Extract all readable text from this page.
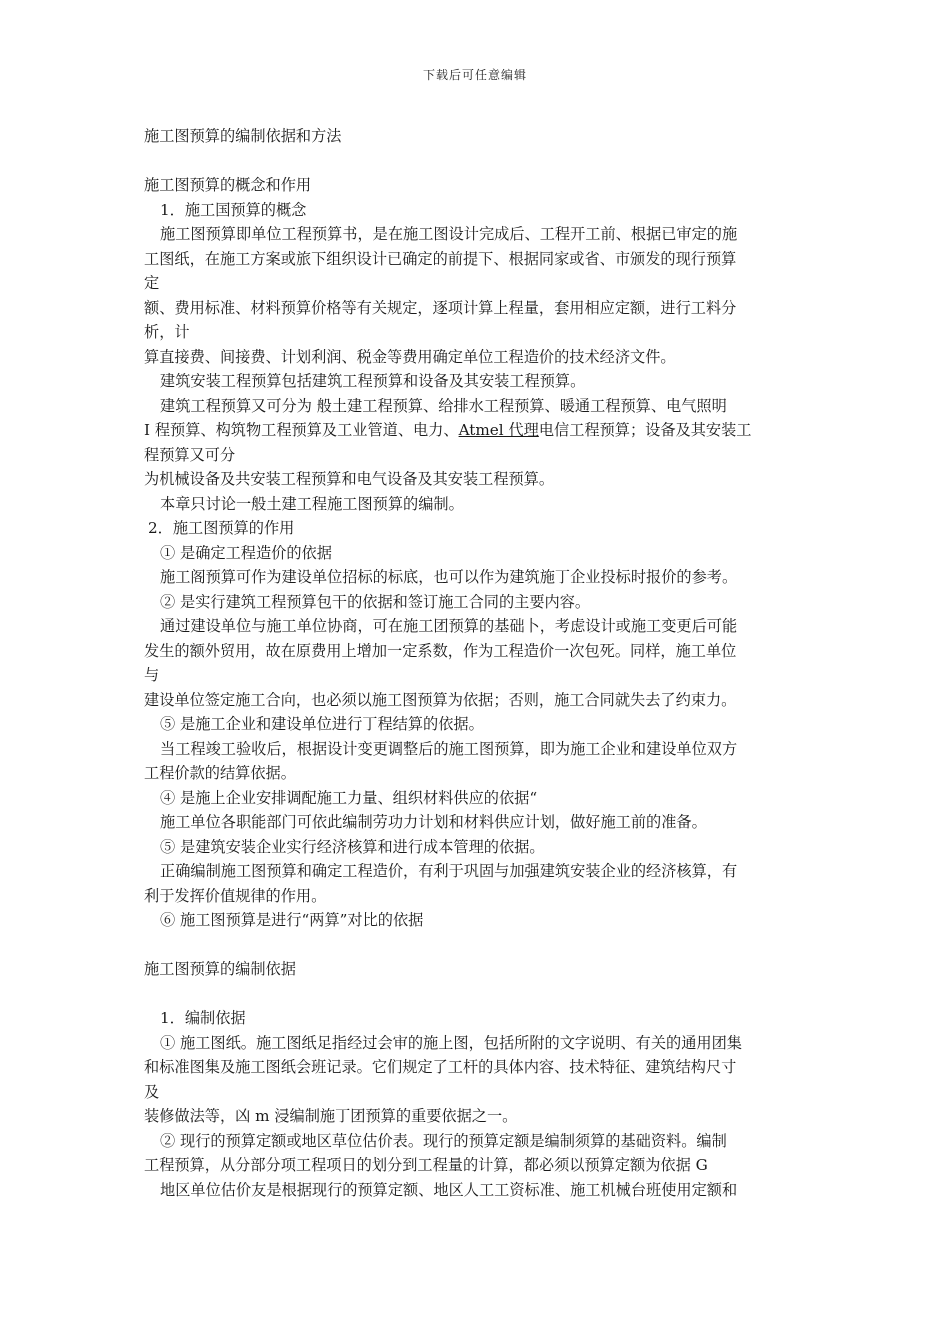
下载后可任意编辑
施工图预算的编制依据和方法
施工图预算的概念和作用
1．施工国预算的概念
施工图预算即单位工程预算书，是在施工图设计完成后、工程开工前、根据已审定的施
工图纸，在施工方案或旅下组织设计已确定的前提下、根据同家或省、市颁发的现行预算
定
额、费用标准、材料预算价格等有关规定，逐项计算上程量，套用相应定额，进行工料分
析，计
算直接费、间接费、计划利润、税金等费用确定单位工程造价的技术经济文件。
建筑安装工程预算包括建筑工程预算和设备及其安装工程预算。
建筑工程预算又可分为 般土建工程预算、给排水工程预算、暖通工程预算、电气照明
I 程预算、构筑物工程预算及工业管道、电力、Atmel 代理电信工程预算；设备及其安装工
程预算又可分
为机械设备及共安装工程预算和电气设备及其安装工程预算。
本章只讨论一般土建工程施工图预算的编制。
2．施工图预算的作用
① 是确定工程造价的依据
施工阁预算可作为建设单位招标的标底，也可以作为建筑施丁企业投标时报价的参考。
② 是实行建筑工程预算包干的依据和签订施工合同的主要内容。
通过建设单位与施工单位协商，可在施工团预算的基础卜，考虑设计或施工变更后可能
发生的额外贸用，故在原费用上增加一定系数，作为工程造价一次包死。同样，施工单位
与
建设单位签定施工合向，也必须以施工图预算为依据；否则，施工合同就失去了约束力。
⑤ 是施工企业和建设单位进行丁程结算的依据。
当工程竣工验收后，根据设计变更调整后的施工图预算，即为施工企业和建设单位双方
工程价款的结算依据。
④ 是施上企业安排调配施工力量、组织材料供应的依据“
施工单位各职能部门可依此编制劳功力计划和材料供应计划，做好施工前的准备。
⑤ 是建筑安装企业实行经济核算和进行成本管理的依据。
正确编制施工图预算和确定工程造价，有利于巩固与加强建筑安装企业的经济核算，有
利于发挥价值规律的作用。
⑥ 施工图预算是进行“两算”对比的依据
施工图预算的编制依据
1．编制依据
① 施工图纸。施工图纸足指经过会审的施上图，包括所附的文字说明、有关的通用团集
和标准图集及施工图纸会班记录。它们规定了工杆的具体内容、技术特征、建筑结构尺寸
及
装修做法等，凶 m 浸编制施丁团预算的重要依据之一。
② 现行的预算定额或地区草位估价表。现行的预算定额是编制须算的基础资料。编制
工程预算，从分部分项工程项日的划分到工程量的计算，都必须以预算定额为依据 G
地区单位估价友是根据现行的预算定额、地区人工工资标准、施工机械台班使用定额和
